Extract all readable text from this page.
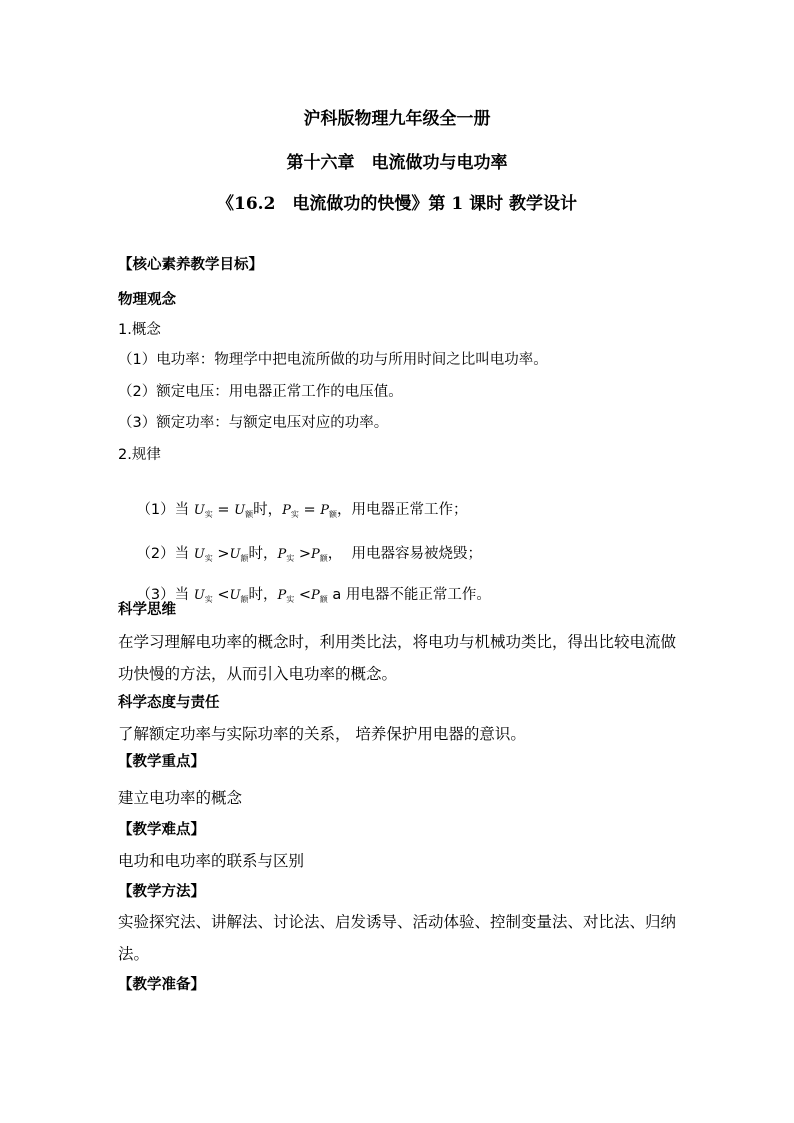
沪科版物理九年级全一册
第十六章　电流做功与电功率
《16.2　电流做功的快慢》第 1 课时 教学设计
【核心素养教学目标】
物理观念
1.概念
（1）电功率：物理学中把电流所做的功与所用时间之比叫电功率。
（2）额定电压：用电器正常工作的电压值。
（3）额定功率：与额定电压对应的功率。
2.规律

（1）当 $U_实 = U_额$时，$P_实 = P_额$，用电器正常工作；

（2）当 $U_实 >U_额$时，$P_实 >P_额$，  用电器容易被烧毁；

（3）当 $U_实 <U_额$时，$P_实 <P_额$ a 用电器不能正常工作。

科学思维
在学习理解电功率的概念时，利用类比法，将电功与机械功类比，得出比较电流做功快慢的方法，从而引入电功率的概念。
科学态度与责任
了解额定功率与实际功率的关系， 培养保护用电器的意识。
【教学重点】
建立电功率的概念
【教学难点】
电功和电功率的联系与区别
【教学方法】
实验探究法、讲解法、讨论法、启发诱导、活动体验、控制变量法、对比法、归纳法。
【教学准备】
